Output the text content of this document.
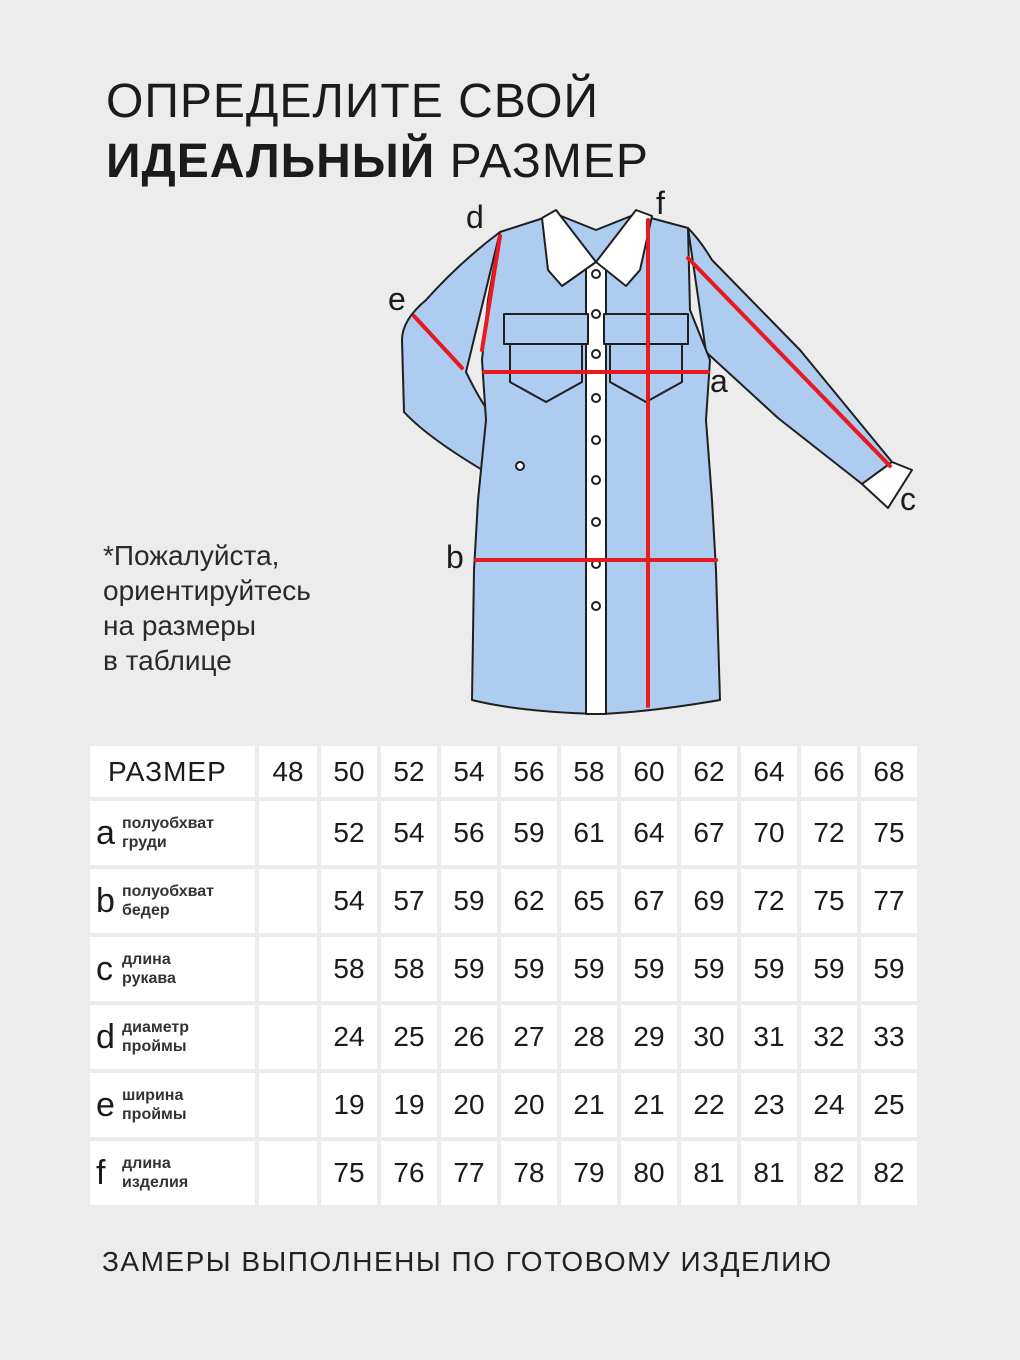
ОПРЕДЕЛИТЕ СВОЙ
ИДЕАЛЬНЫЙ РАЗМЕР
a
b
c
d
e
f
*Пожалуйста,
ориентируйтесь
на размеры
в таблице
РАЗМЕР	48	50	52	54	56	58	60	62	64	66	68

a полуобхват
груди		52	54	56	59	61	64	67	70	72	75

b полуобхват
бедер		54	57	59	62	65	67	69	72	75	77

c длина
рукава		58	58	59	59	59	59	59	59	59	59

d диаметр
проймы		24	25	26	27	28	29	30	31	32	33

e ширина
проймы		19	19	20	20	21	21	22	23	24	25

f длина
изделия		75	76	77	78	79	80	81	81	82	82
ЗАМЕРЫ ВЫПОЛНЕНЫ ПО ГОТОВОМУ ИЗДЕЛИЮ
